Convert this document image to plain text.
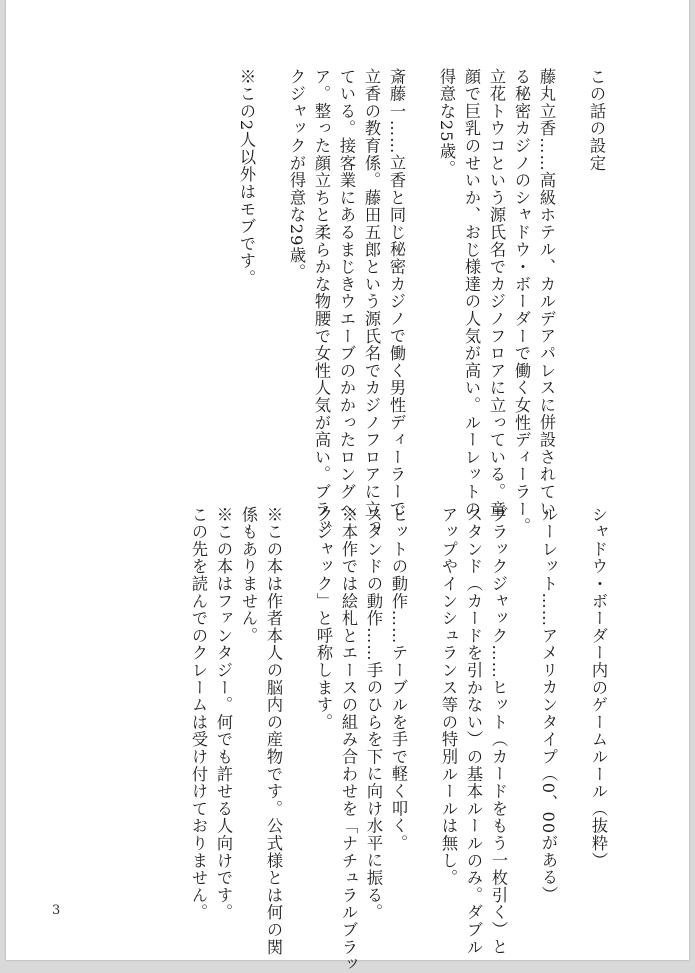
この話の設定

藤丸立香……高級ホテル、カルデアパレスに併設されてい

る秘密カジノのシャドウ・ボーダーで働く女性ディーラー。

立花トウコという源氏名でカジノフロアに立っている。童

顔で巨乳のせいか、おじ様達の人気が高い。ルーレットの

得意な25歳。

斎藤一……立香と同じ秘密カジノで働く男性ディーラーで

立香の教育係。藤田五郎という源氏名でカジノフロアに立っ

ている。接客業にあるまじきウエーブのかかったロングヘ

ア。整った顔立ちと柔らかな物腰で女性人気が高い。ブラッ

クジャックが得意な29歳。

※この2人以外はモブです。

シャドウ・ボーダー内のゲームルール（抜粋）

ルーレット……アメリカンタイプ（0、00がある）

ブラックジャック……ヒット（カードをもう一枚引く）と

スタンド（カードを引かない）の基本ルールのみ。ダブル

アップやインシュランス等の特別ルールは無し。

ヒットの動作……テーブルを手で軽く叩く。

スタンドの動作……手のひらを下に向け水平に振る。

※本作では絵札とエースの組み合わせを「ナチュラルブラッ

クジャック」と呼称します。

※この本は作者本人の脳内の産物です。公式様とは何の関

係もありません。

※この本はファンタジー。何でも許せる人向けです。

この先を読んでのクレームは受け付けておりません。

3
